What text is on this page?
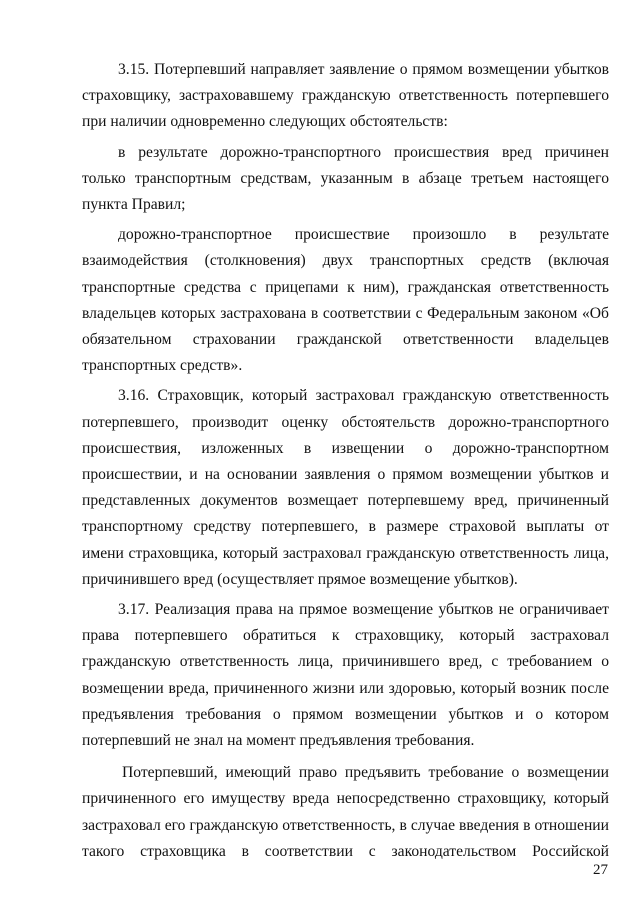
3.15. Потерпевший направляет заявление о прямом возмещении убытков страховщику, застраховавшему гражданскую ответственность потерпевшего при наличии одновременно следующих обстоятельств:

в результате дорожно-транспортного происшествия вред причинен только транспортным средствам, указанным в абзаце третьем настоящего пункта Правил;

дорожно-транспортное происшествие произошло в результате взаимодействия (столкновения) двух транспортных средств (включая транспортные средства с прицепами к ним), гражданская ответственность владельцев которых застрахована в соответствии с Федеральным законом «Об обязательном страховании гражданской ответственности владельцев транспортных средств».

3.16. Страховщик, который застраховал гражданскую ответственность потерпевшего, производит оценку обстоятельств дорожно-транспортного происшествия, изложенных в извещении о дорожно-транспортном происшествии, и на основании заявления о прямом возмещении убытков и представленных документов возмещает потерпевшему вред, причиненный транспортному средству потерпевшего, в размере страховой выплаты от имени страховщика, который застраховал гражданскую ответственность лица, причинившего вред (осуществляет прямое возмещение убытков).

3.17. Реализация права на прямое возмещение убытков не ограничивает права потерпевшего обратиться к страховщику, который застраховал гражданскую ответственность лица, причинившего вред, с требованием о возмещении вреда, причиненного жизни или здоровью, который возник после предъявления требования о прямом возмещении убытков и о котором потерпевший не знал на момент предъявления требования.

Потерпевший, имеющий право предъявить требование о возмещении причиненного его имуществу вреда непосредственно страховщику, который застраховал его гражданскую ответственность, в случае введения в отношении такого страховщика в соответствии с законодательством Российской

27
